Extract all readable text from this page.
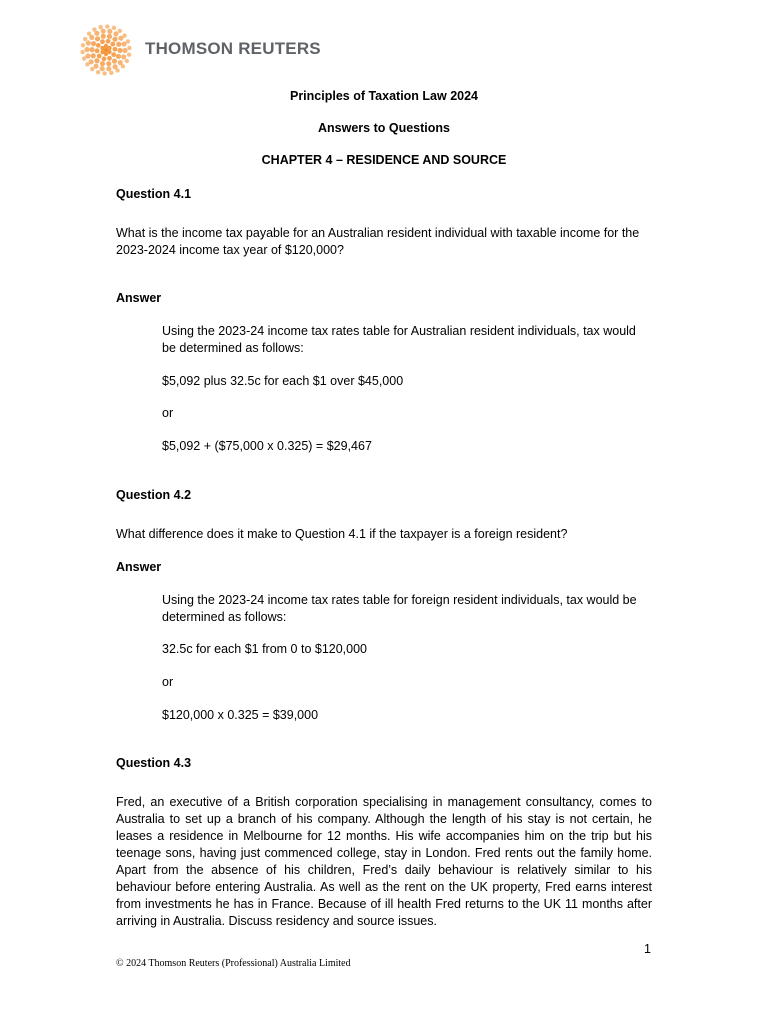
THOMSON REUTERS
Principles of Taxation Law 2024
Answers to Questions
CHAPTER 4 – RESIDENCE AND SOURCE
Question 4.1
What is the income tax payable for an Australian resident individual with taxable income for the 2023-2024 income tax year of $120,000?
Answer
Using the 2023-24 income tax rates table for Australian resident individuals, tax would be determined as follows:
$5,092 plus 32.5c for each $1 over $45,000
or
$5,092 + ($75,000 x 0.325) = $29,467
Question 4.2
What difference does it make to Question 4.1 if the taxpayer is a foreign resident?
Answer
Using the 2023-24 income tax rates table for foreign resident individuals, tax would be determined as follows:
32.5c for each $1 from 0 to $120,000
or
$120,000 x 0.325 = $39,000
Question 4.3
Fred, an executive of a British corporation specialising in management consultancy, comes to Australia to set up a branch of his company. Although the length of his stay is not certain, he leases a residence in Melbourne for 12 months. His wife accompanies him on the trip but his teenage sons, having just commenced college, stay in London. Fred rents out the family home. Apart from the absence of his children, Fred’s daily behaviour is relatively similar to his behaviour before entering Australia. As well as the rent on the UK property, Fred earns interest from investments he has in France. Because of ill health Fred returns to the UK 11 months after arriving in Australia. Discuss residency and source issues.
1
© 2024 Thomson Reuters (Professional) Australia Limited
